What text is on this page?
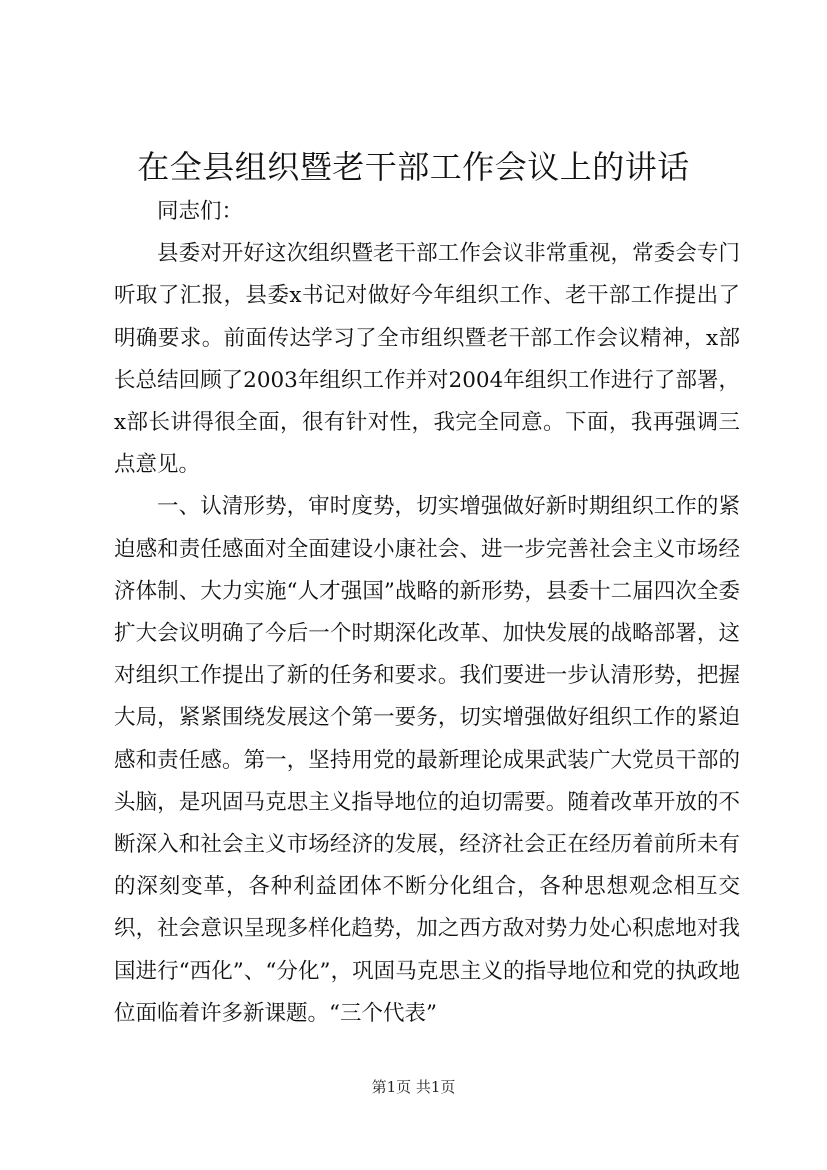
在全县组织暨老干部工作会议上的讲话

同志们：

县委对开好这次组织暨老干部工作会议非常重视，常委会专门听取了汇报，县委x书记对做好今年组织工作、老干部工作提出了明确要求。前面传达学习了全市组织暨老干部工作会议精神，x部长总结回顾了2003年组织工作并对2004年组织工作进行了部署，x部长讲得很全面，很有针对性，我完全同意。下面，我再强调三点意见。

一、认清形势，审时度势，切实增强做好新时期组织工作的紧迫感和责任感面对全面建设小康社会、进一步完善社会主义市场经济体制、大力实施“人才强国”战略的新形势，县委十二届四次全委扩大会议明确了今后一个时期深化改革、加快发展的战略部署，这对组织工作提出了新的任务和要求。我们要进一步认清形势，把握大局，紧紧围绕发展这个第一要务，切实增强做好组织工作的紧迫感和责任感。第一，坚持用党的最新理论成果武装广大党员干部的头脑，是巩固马克思主义指导地位的迫切需要。随着改革开放的不断深入和社会主义市场经济的发展，经济社会正在经历着前所未有的深刻变革，各种利益团体不断分化组合，各种思想观念相互交织，社会意识呈现多样化趋势，加之西方敌对势力处心积虑地对我国进行“西化”、“分化”，巩固马克思主义的指导地位和党的执政地位面临着许多新课题。“三个代表”

第1页 共1页
